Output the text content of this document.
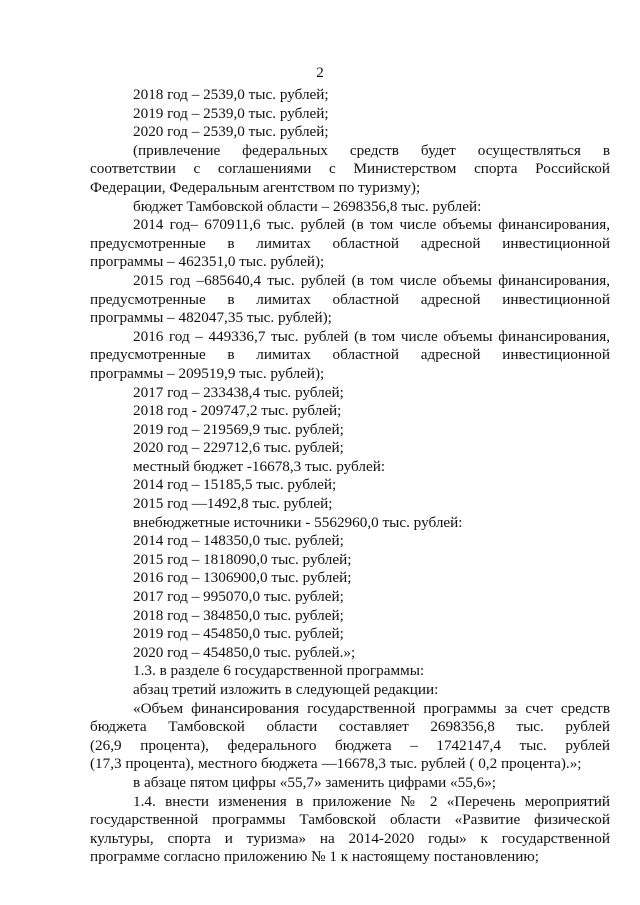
2
2018 год – 2539,0 тыс. рублей;
2019 год – 2539,0 тыс. рублей;
2020 год – 2539,0 тыс. рублей;
(привлечение федеральных средств будет осуществляться в
соответствии с соглашениями с Министерством спорта Российской
Федерации, Федеральным агентством по туризму);
бюджет Тамбовской области – 2698356,8 тыс. рублей:
2014 год– 670911,6 тыс. рублей (в том числе объемы финансирования,
предусмотренные в лимитах областной адресной инвестиционной
программы – 462351,0 тыс. рублей);
2015 год –685640,4 тыс. рублей (в том числе объемы финансирования,
предусмотренные в лимитах областной адресной инвестиционной
программы – 482047,35 тыс. рублей);
2016 год – 449336,7 тыс. рублей (в том числе объемы финансирования,
предусмотренные в лимитах областной адресной инвестиционной
программы – 209519,9 тыс. рублей);
2017 год – 233438,4 тыс. рублей;
2018 год - 209747,2 тыс. рублей;
2019 год – 219569,9 тыс. рублей;
2020 год – 229712,6 тыс. рублей;
местный бюджет -16678,3 тыс. рублей:
2014 год – 15185,5 тыс. рублей;
2015 год —1492,8 тыс. рублей;
внебюджетные источники - 5562960,0 тыс. рублей:
2014 год – 148350,0 тыс. рублей;
2015 год – 1818090,0 тыс. рублей;
2016 год – 1306900,0 тыс. рублей;
2017 год – 995070,0 тыс. рублей;
2018 год – 384850,0 тыс. рублей;
2019 год – 454850,0 тыс. рублей;
2020 год – 454850,0 тыс. рублей.»;
1.3. в разделе 6 государственной программы:
абзац третий изложить в следующей редакции:
«Объем финансирования государственной программы за счет средств
бюджета Тамбовской области составляет 2698356,8 тыс. рублей
(26,9 процента), федерального бюджета – 1742147,4 тыс. рублей
(17,3 процента), местного бюджета —16678,3 тыс. рублей ( 0,2 процента).»;
в абзаце пятом цифры «55,7» заменить цифрами «55,6»;
1.4. внести изменения в приложение № 2 «Перечень мероприятий
государственной программы Тамбовской области «Развитие физической
культуры, спорта и туризма» на 2014-2020 годы» к государственной
программе согласно приложению № 1 к настоящему постановлению;
